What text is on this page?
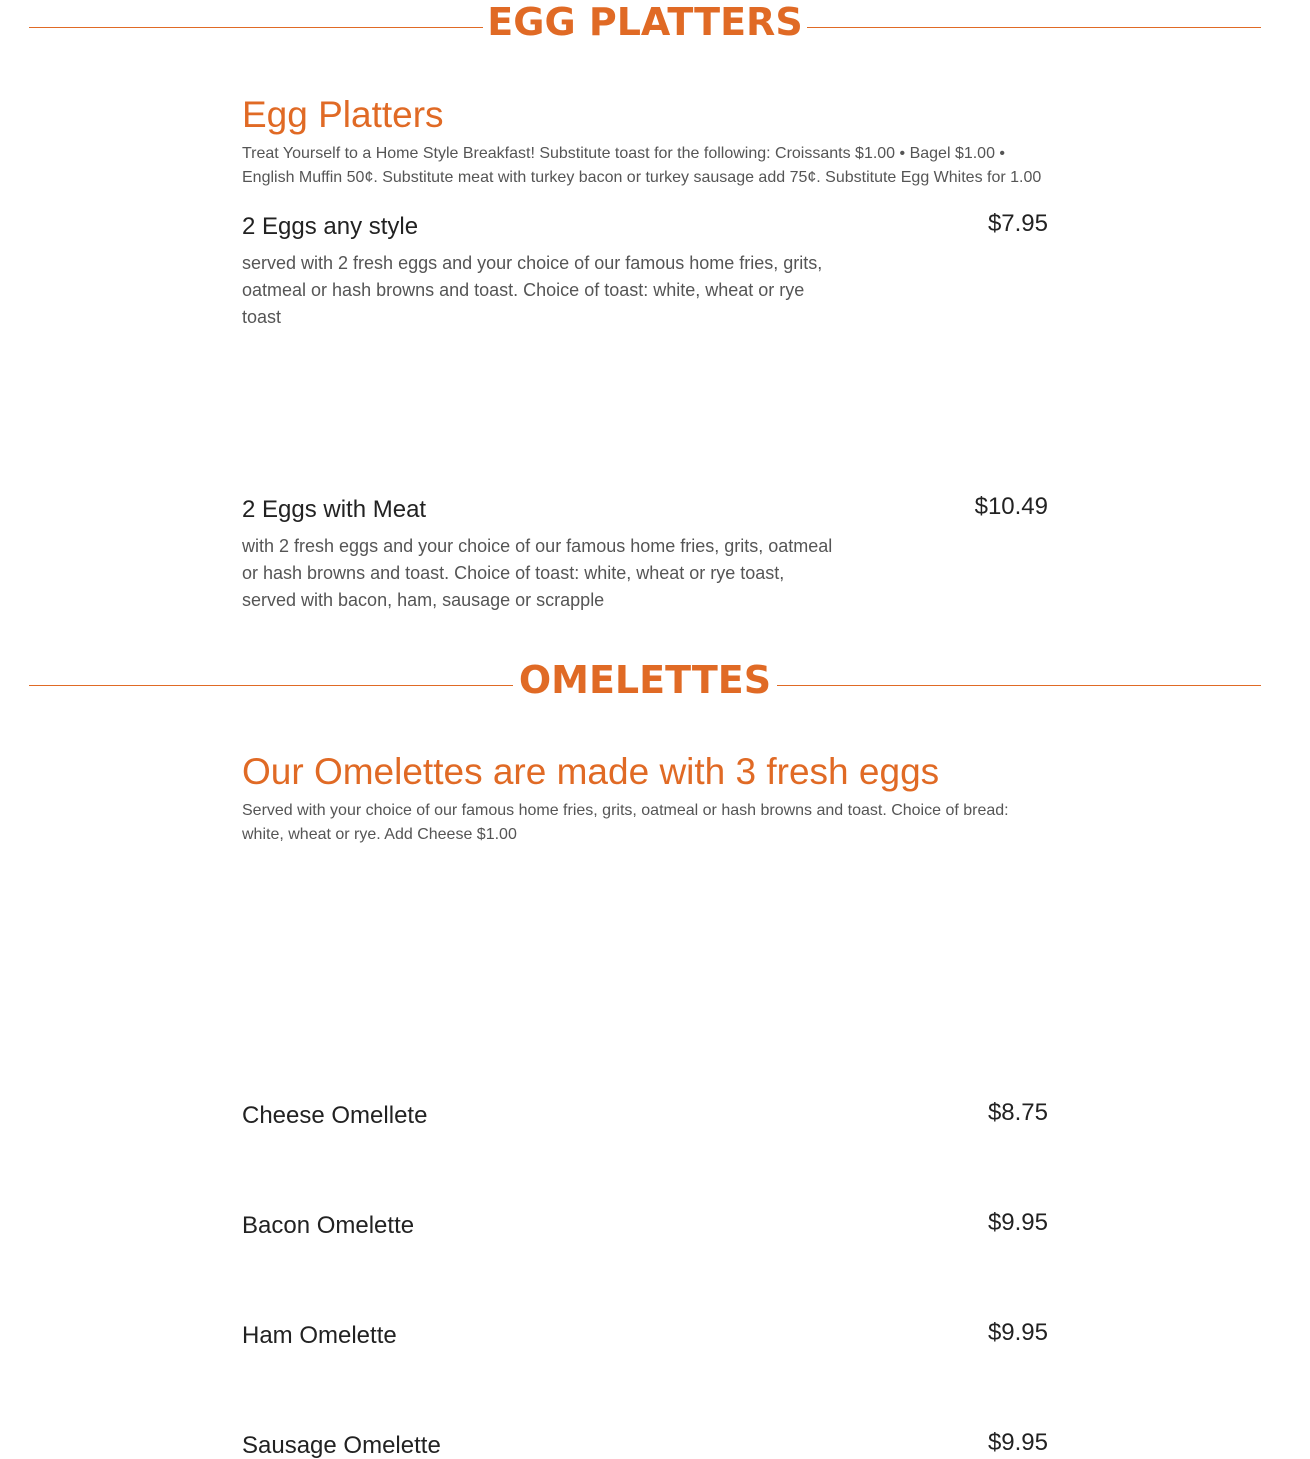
EGG PLATTERS
Egg Platters
Treat Yourself to a Home Style Breakfast! Substitute toast for the following: Croissants $1.00 • Bagel $1.00 • English Muffin 50¢. Substitute meat with turkey bacon or turkey sausage add 75¢. Substitute Egg Whites for 1.00
2 Eggs any style	$7.95
served with 2 fresh eggs and your choice of our famous home fries, grits, oatmeal or hash browns and toast. Choice of toast: white, wheat or rye toast
2 Eggs with Meat	$10.49
with 2 fresh eggs and your choice of our famous home fries, grits, oatmeal or hash browns and toast. Choice of toast: white, wheat or rye toast, served with bacon, ham, sausage or scrapple
OMELETTES
Our Omelettes are made with 3 fresh eggs
Served with your choice of our famous home fries, grits, oatmeal or hash browns and toast. Choice of bread: white, wheat or rye. Add Cheese $1.00
Cheese Omellete	$8.75
Bacon Omelette	$9.95
Ham Omelette	$9.95
Sausage Omelette	$9.95
